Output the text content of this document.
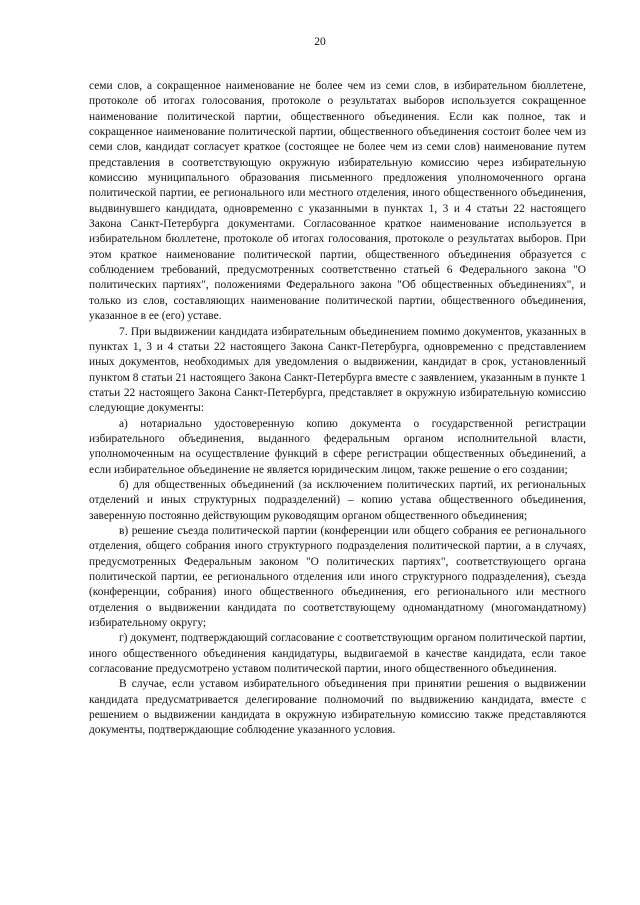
20

семи слов, а сокращенное наименование не более чем из семи слов, в избирательном бюллетене, протоколе об итогах голосования, протоколе о результатах выборов используется сокращенное наименование политической партии, общественного объединения. Если как полное, так и сокращенное наименование политической партии, общественного объединения состоит более чем из семи слов, кандидат согласует краткое (состоящее не более чем из семи слов) наименование путем представления в соответствующую окружную избирательную комиссию через избирательную комиссию муниципального образования письменного предложения уполномоченного органа политической партии, ее регионального или местного отделения, иного общественного объединения, выдвинувшего кандидата, одновременно с указанными в пунктах 1, 3 и 4 статьи 22 настоящего Закона Санкт-Петербурга документами. Согласованное краткое наименование используется в избирательном бюллетене, протоколе об итогах голосования, протоколе о результатах выборов. При этом краткое наименование политической партии, общественного объединения образуется с соблюдением требований, предусмотренных соответственно статьей 6 Федерального закона "О политических партиях", положениями Федерального закона "Об общественных объединениях", и только из слов, составляющих наименование политической партии, общественного объединения, указанное в ее (его) уставе.

7. При выдвижении кандидата избирательным объединением помимо документов, указанных в пунктах 1, 3 и 4 статьи 22 настоящего Закона Санкт-Петербурга, одновременно с представлением иных документов, необходимых для уведомления о выдвижении, кандидат в срок, установленный пунктом 8 статьи 21 настоящего Закона Санкт-Петербурга вместе с заявлением, указанным в пункте 1 статьи 22 настоящего Закона Санкт-Петербурга, представляет в окружную избирательную комиссию следующие документы:

а) нотариально удостоверенную копию документа о государственной регистрации избирательного объединения, выданного федеральным органом исполнительной власти, уполномоченным на осуществление функций в сфере регистрации общественных объединений, а если избирательное объединение не является юридическим лицом, также решение о его создании;

б) для общественных объединений (за исключением политических партий, их региональных отделений и иных структурных подразделений) – копию устава общественного объединения, заверенную постоянно действующим руководящим органом общественного объединения;

в) решение съезда политической партии (конференции или общего собрания ее регионального отделения, общего собрания иного структурного подразделения политической партии, а в случаях, предусмотренных Федеральным законом "О политических партиях", соответствующего органа политической партии, ее регионального отделения или иного структурного подразделения), съезда (конференции, собрания) иного общественного объединения, его регионального или местного отделения о выдвижении кандидата по соответствующему одномандатному (многомандатному) избирательному округу;

г) документ, подтверждающий согласование с соответствующим органом политической партии, иного общественного объединения кандидатуры, выдвигаемой в качестве кандидата, если такое согласование предусмотрено уставом политической партии, иного общественного объединения.

В случае, если уставом избирательного объединения при принятии решения о выдвижении кандидата предусматривается делегирование полномочий по выдвижению кандидата, вместе с решением о выдвижении кандидата в окружную избирательную комиссию также представляются документы, подтверждающие соблюдение указанного условия.
